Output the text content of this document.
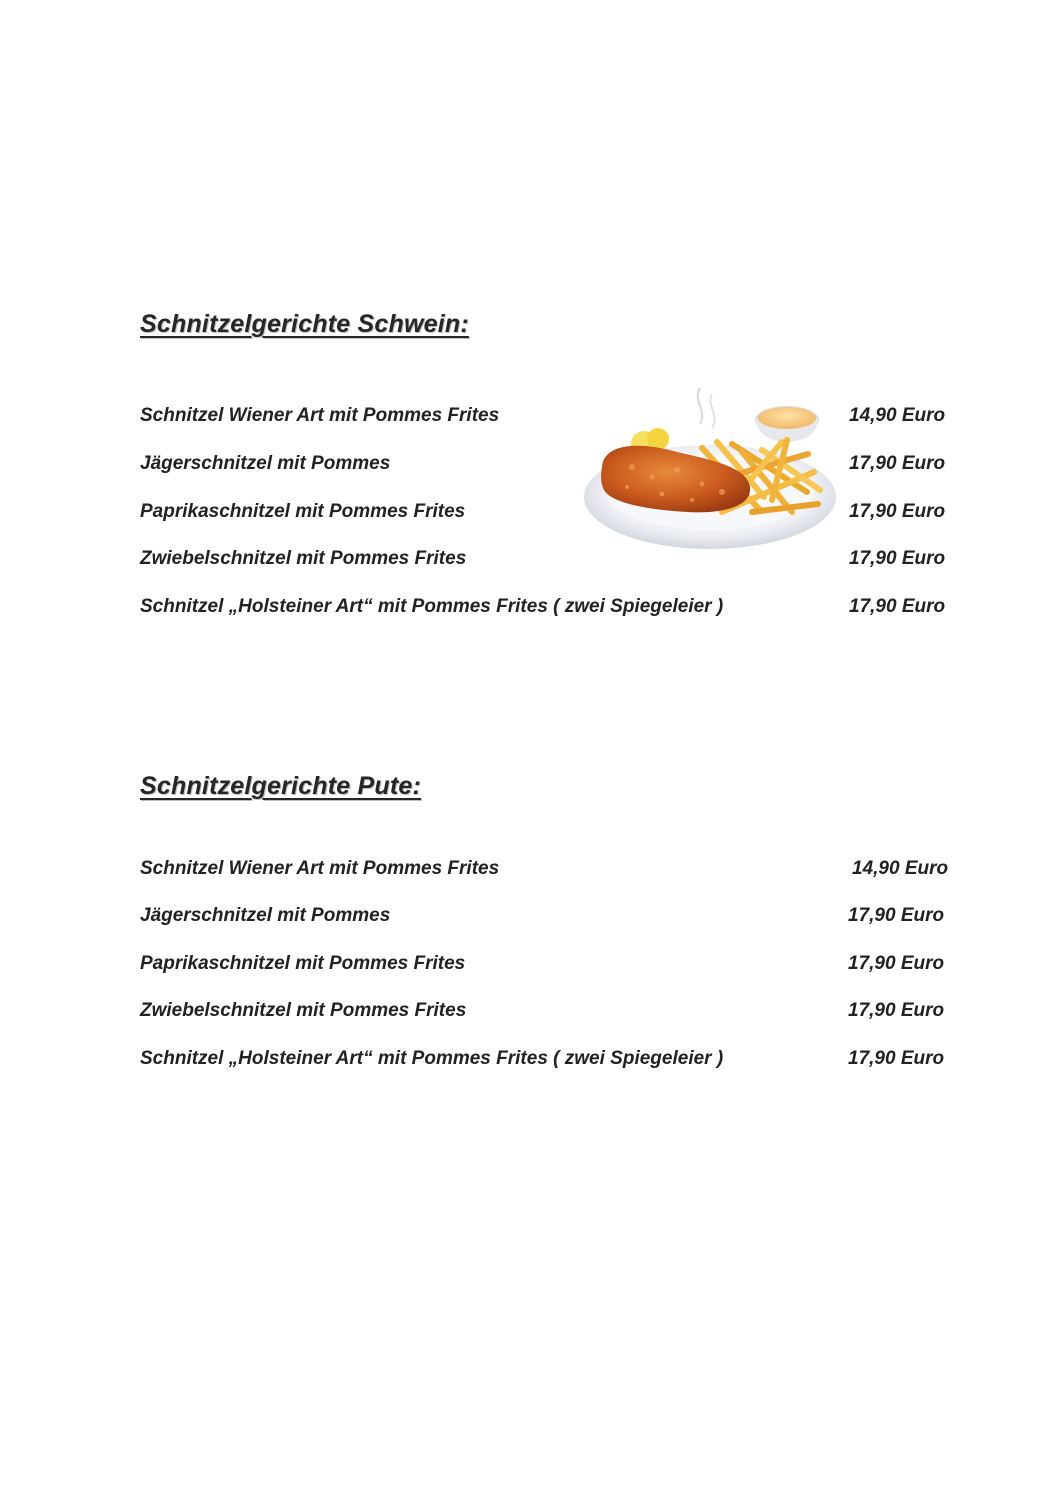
Schnitzelgerichte Schwein:
Schnitzel Wiener Art mit Pommes Frites	14,90 Euro
Jägerschnitzel mit Pommes	17,90 Euro
Paprikaschnitzel mit Pommes Frites	17,90 Euro
Zwiebelschnitzel mit Pommes Frites	17,90 Euro
Schnitzel „Holsteiner Art“ mit Pommes Frites ( zwei Spiegeleier )	17,90 Euro
Schnitzelgerichte Pute:
Schnitzel Wiener Art mit Pommes Frites	14,90 Euro
Jägerschnitzel mit Pommes	17,90 Euro
Paprikaschnitzel mit Pommes Frites	17,90 Euro
Zwiebelschnitzel mit Pommes Frites	17,90 Euro
Schnitzel „Holsteiner Art“ mit Pommes Frites ( zwei Spiegeleier )	17,90 Euro
